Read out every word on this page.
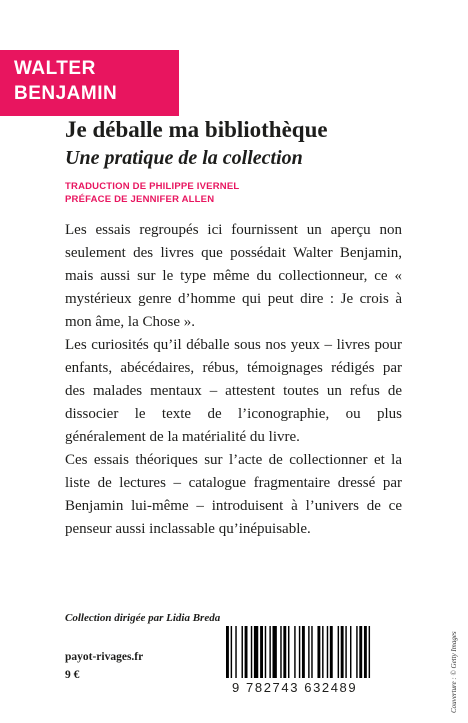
WALTER
BENJAMIN
Je déballe ma bibliothèque
Une pratique de la collection
TRADUCTION DE PHILIPPE IVERNEL
PRÉFACE DE JENNIFER ALLEN

Les essais regroupés ici fournissent un aperçu non seulement des livres que possédait Walter Benjamin, mais aussi sur le type même du collectionneur, ce « mystérieux genre d’homme qui peut dire : Je crois à mon âme, la Chose ».

Les curiosités qu’il déballe sous nos yeux – livres pour enfants, abécédaires, rébus, témoignages rédigés par des malades mentaux – attestent toutes un refus de dissocier le texte de l’iconographie, ou plus généralement de la matérialité du livre.

Ces essais théoriques sur l’acte de collectionner et la liste de lectures – catalogue fragmentaire dressé par Benjamin lui-même – introduisent à l’univers de ce penseur aussi inclassable qu’inépuisable.

Collection dirigée par Lidia Breda
payot-rivages.fr
9 €
9 782743 632489	Couverture : © Getty Images
